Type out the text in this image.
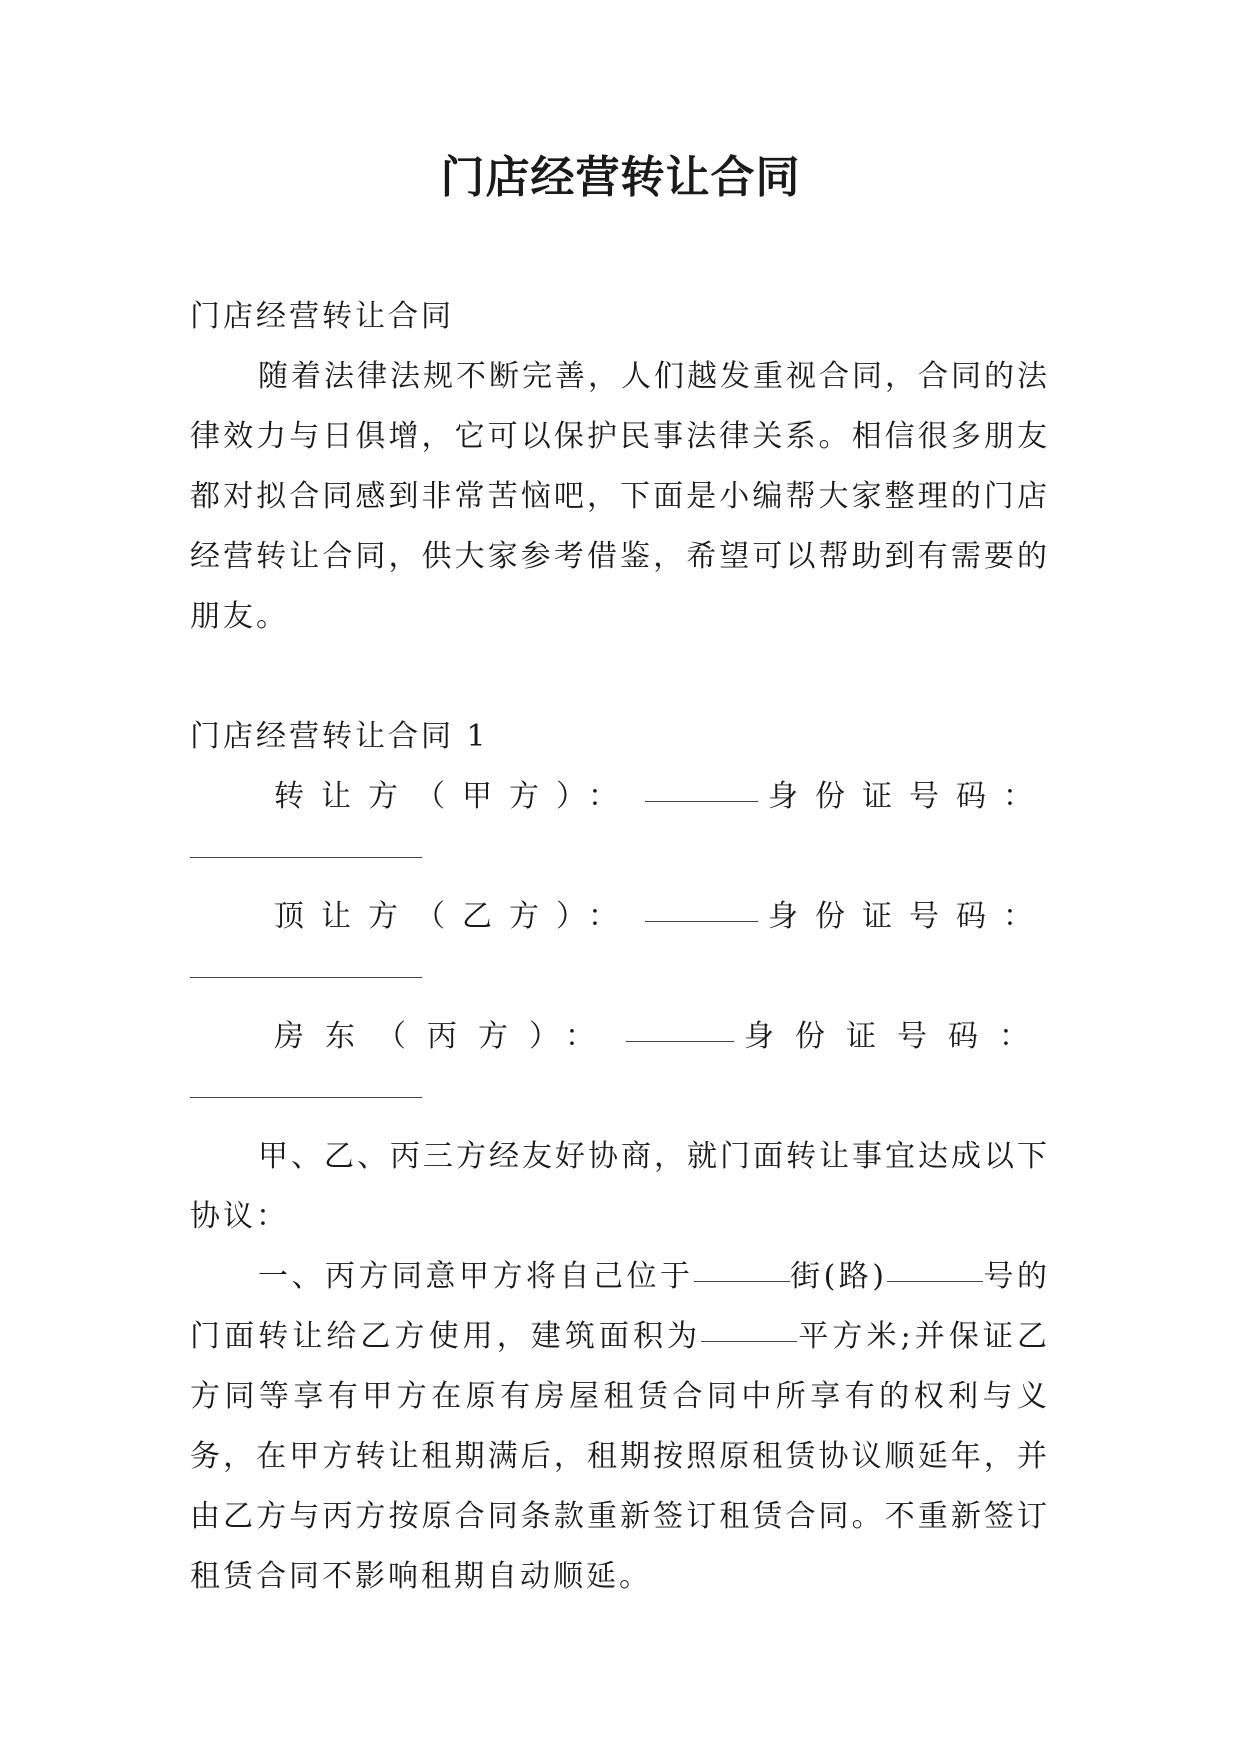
门店经营转让合同

门店经营转让合同

随着法律法规不断完善，人们越发重视合同，合同的法律效力与日俱增，它可以保护民事法律关系。相信很多朋友都对拟合同感到非常苦恼吧，下面是小编帮大家整理的门店经营转让合同，供大家参考借鉴，希望可以帮助到有需要的朋友。

门店经营转让合同 1

转让方（甲方）：	身份证号码：
顶让方（乙方）：	身份证号码：
房东（丙方）：	身份证号码：

甲、乙、丙三方经友好协商，就门面转让事宜达成以下协议：

一、丙方同意甲方将自己位于	街(路)	号的门面转让给乙方使用，建筑面积为	平方米;并保证乙方同等享有甲方在原有房屋租赁合同中所享有的权利与义务，在甲方转让租期满后，租期按照原租赁协议顺延年，并由乙方与丙方按原合同条款重新签订租赁合同。不重新签订租赁合同不影响租期自动顺延。
